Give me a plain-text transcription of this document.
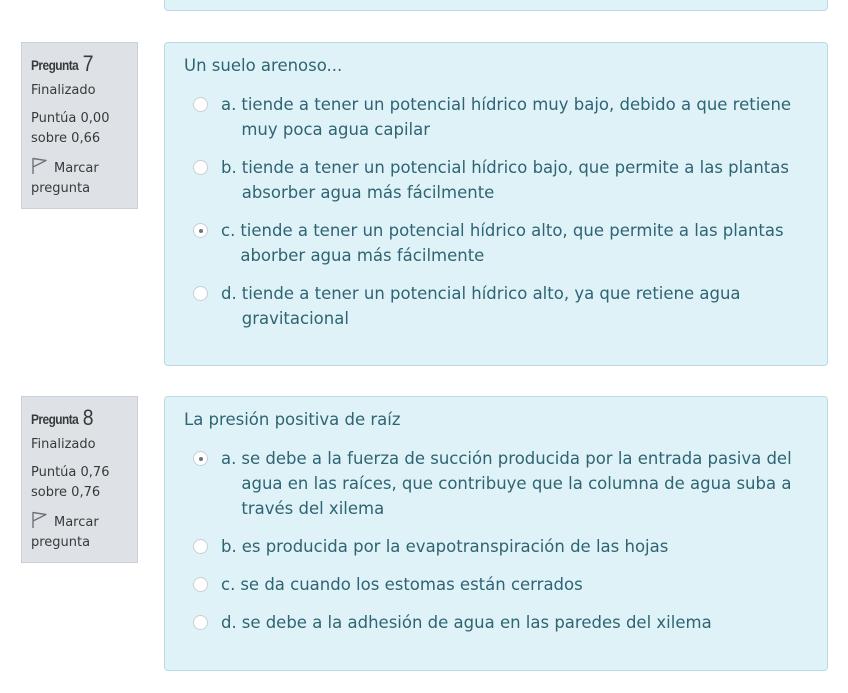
Pregunta 7
Finalizado
Puntúa 0,00 sobre 0,66
Marcar pregunta
Un suelo arenoso...
a. tiende a tener un potencial hídrico muy bajo, debido a que retiene muy poca agua capilar
b. tiende a tener un potencial hídrico bajo, que permite a las plantas absorber agua más fácilmente
c. tiende a tener un potencial hídrico alto, que permite a las plantas aborber agua más fácilmente
d. tiende a tener un potencial hídrico alto, ya que retiene agua gravitacional
Pregunta 8
Finalizado
Puntúa 0,76 sobre 0,76
Marcar pregunta
La presión positiva de raíz
a. se debe a la fuerza de succión producida por la entrada pasiva del agua en las raíces, que contribuye que la columna de agua suba a través del xilema
b. es producida por la evapotranspiración de las hojas
c. se da cuando los estomas están cerrados
d. se debe a la adhesión de agua en las paredes del xilema
